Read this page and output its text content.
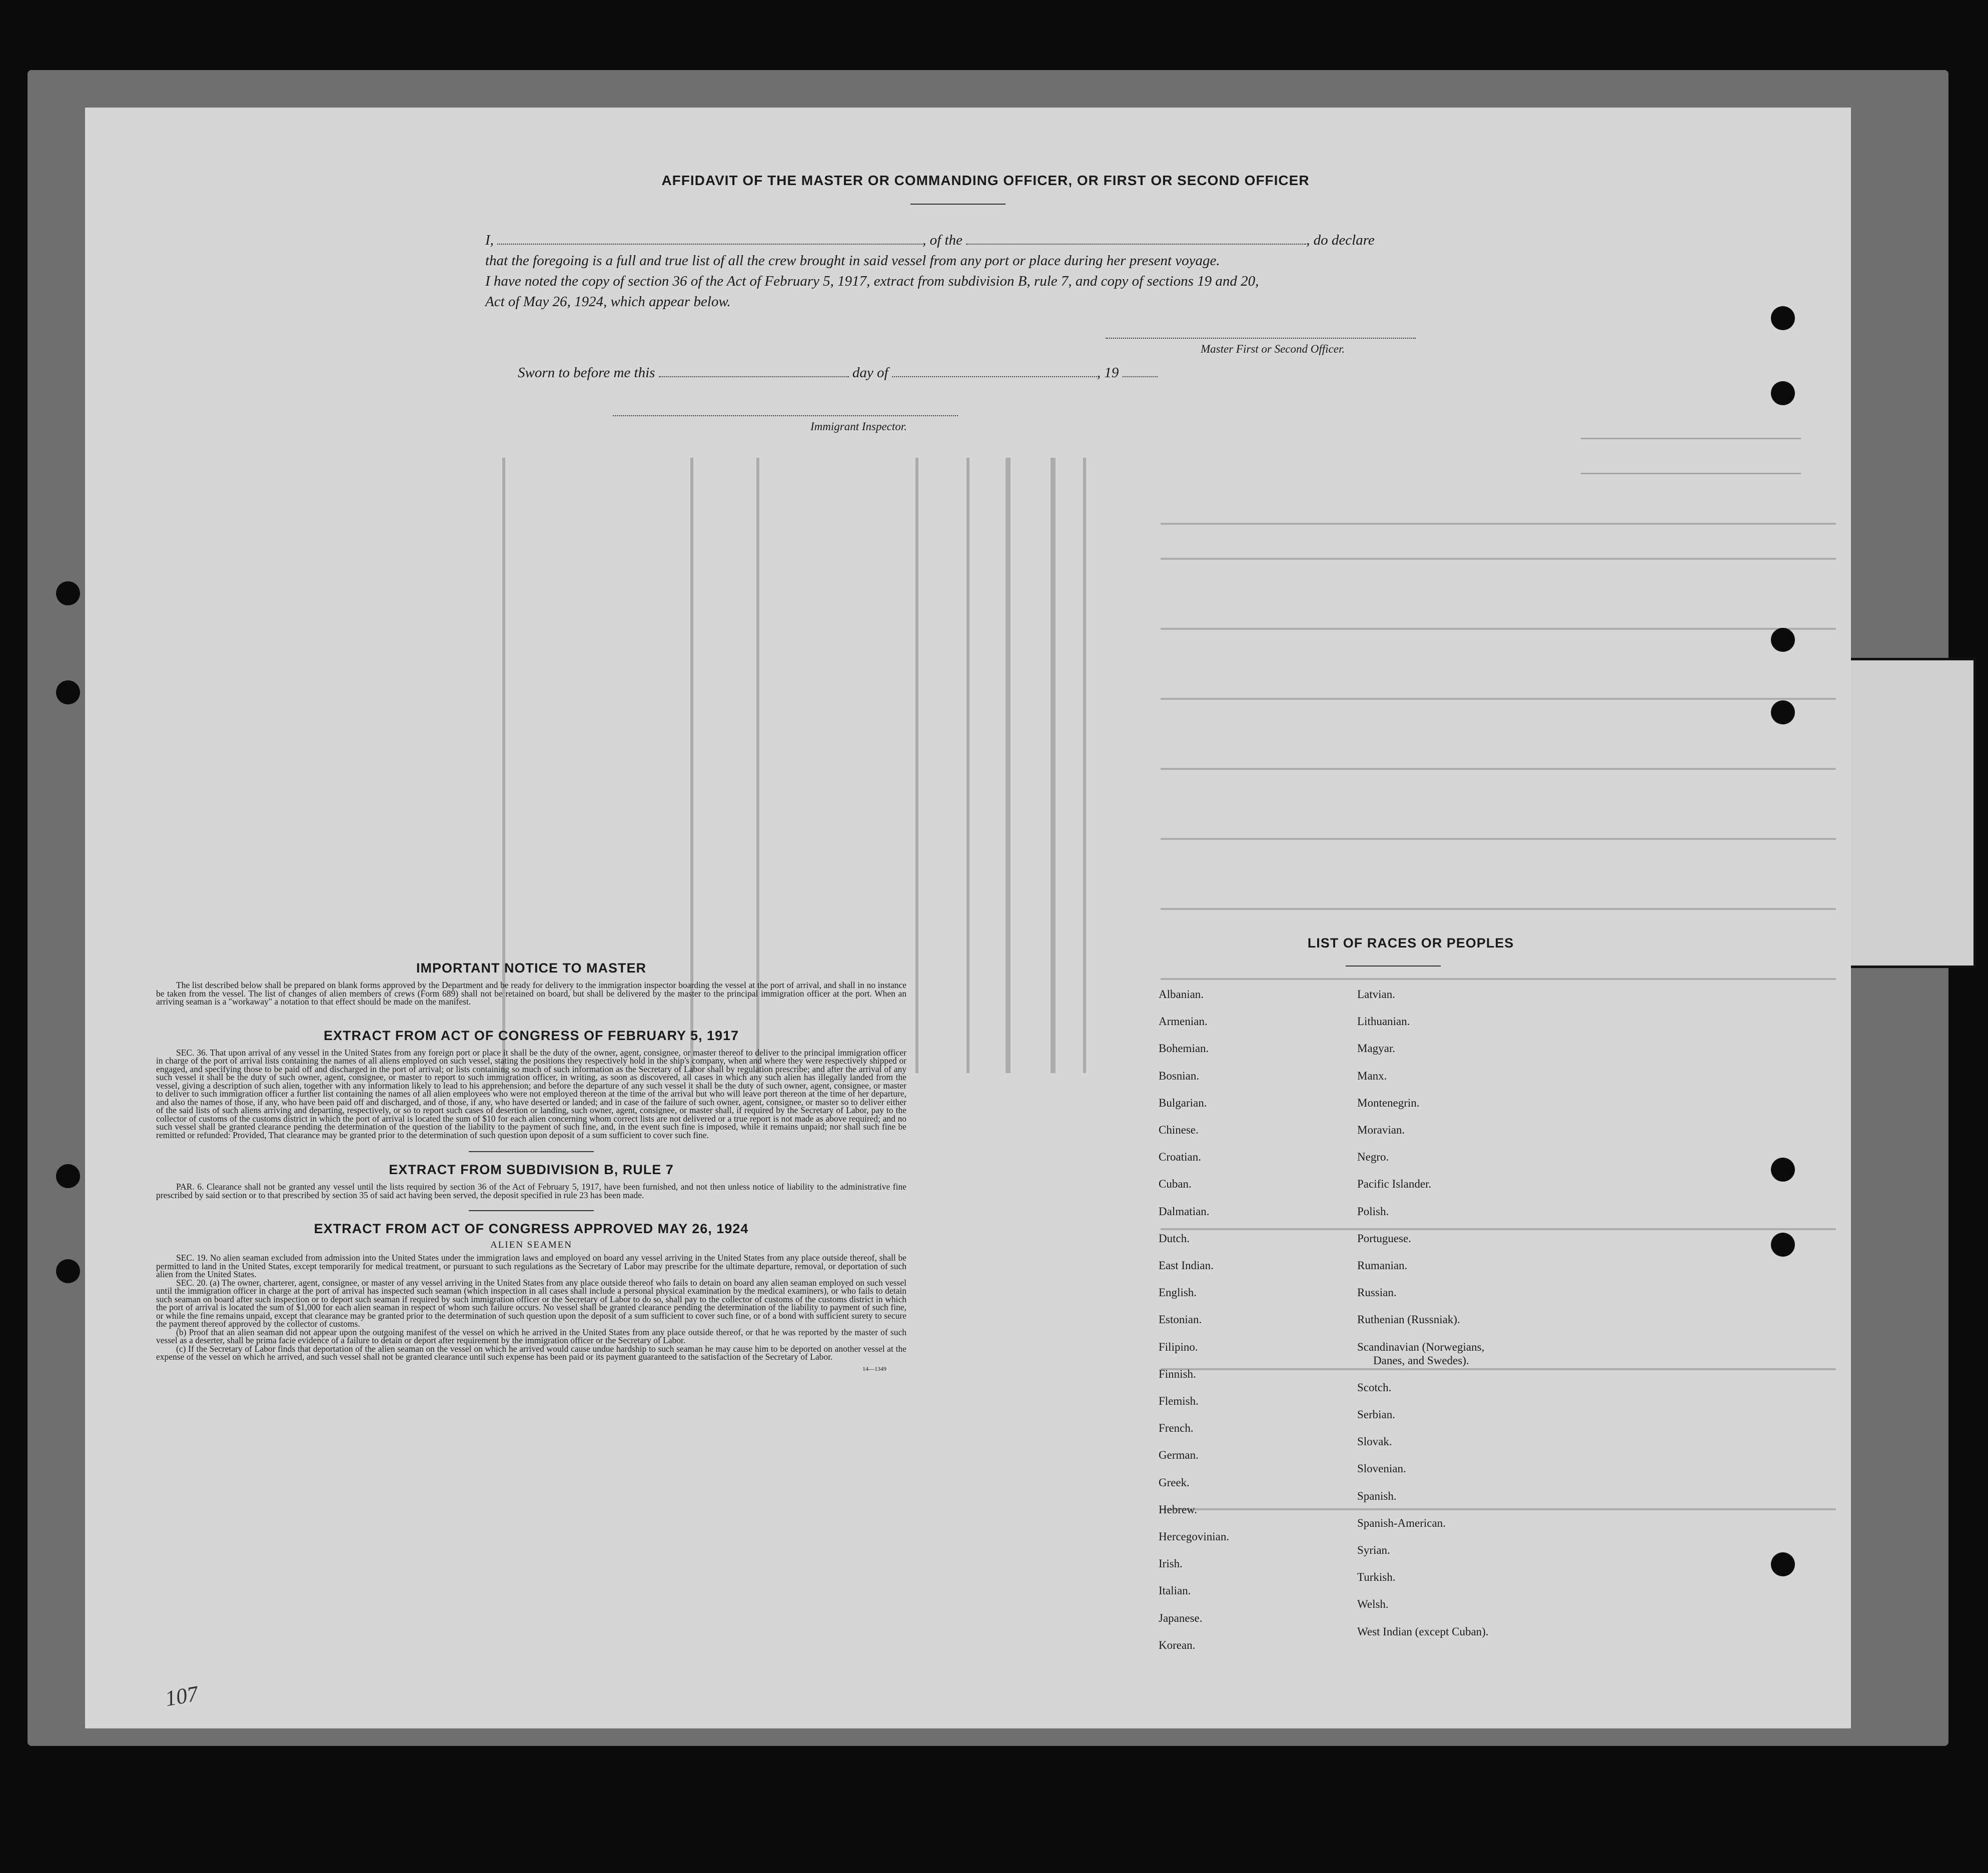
AFFIDAVIT OF THE MASTER OR COMMANDING OFFICER, OR FIRST OR SECOND OFFICER
I,	, of the	, do declare
that the foregoing is a full and true list of all the crew brought in said vessel from any port or place during her present voyage.
I have noted the copy of section 36 of the Act of February 5, 1917, extract from subdivision B, rule 7, and copy of sections 19 and 20,
Act of May 26, 1924, which appear below.
Master First or Second Officer.
Sworn to before me this	day of	, 19
Immigrant Inspector.
IMPORTANT NOTICE TO MASTER
The list described below shall be prepared on blank forms approved by the Department and be ready for delivery to the immigration inspector boarding the vessel at the port of arrival, and shall in no instance be taken from the vessel. The list of changes of alien members of crews (Form 689) shall not be retained on board, but shall be delivered by the master to the principal immigration officer at the port. When an arriving seaman is a "workaway" a notation to that effect should be made on the manifest.
EXTRACT FROM ACT OF CONGRESS OF FEBRUARY 5, 1917
SEC. 36. That upon arrival of any vessel in the United States from any foreign port or place it shall be the duty of the owner, agent, consignee, or master thereof to deliver to the principal immigration officer in charge of the port of arrival lists containing the names of all aliens employed on such vessel, stating the positions they respectively hold in the ship's company, when and where they were respectively shipped or engaged, and specifying those to be paid off and discharged in the port of arrival; or lists containing so much of such information as the Secretary of Labor shall by regulation prescribe; and after the arrival of any such vessel it shall be the duty of such owner, agent, consignee, or master to report to such immigration officer, in writing, as soon as discovered, all cases in which any such alien has illegally landed from the vessel, giving a description of such alien, together with any information likely to lead to his apprehension; and before the departure of any such vessel it shall be the duty of such owner, agent, consignee, or master to deliver to such immigration officer a further list containing the names of all alien employees who were not employed thereon at the time of the arrival but who will leave port thereon at the time of her departure, and also the names of those, if any, who have been paid off and discharged, and of those, if any, who have deserted or landed; and in case of the failure of such owner, agent, consignee, or master so to deliver either of the said lists of such aliens arriving and departing, respectively, or so to report such cases of desertion or landing, such owner, agent, consignee, or master shall, if required by the Secretary of Labor, pay to the collector of customs of the customs district in which the port of arrival is located the sum of $10 for each alien concerning whom correct lists are not delivered or a true report is not made as above required; and no such vessel shall be granted clearance pending the determination of the question of the liability to the payment of such fine, and, in the event such fine is imposed, while it remains unpaid; nor shall such fine be remitted or refunded: Provided, That clearance may be granted prior to the determination of such question upon deposit of a sum sufficient to cover such fine.
EXTRACT FROM SUBDIVISION B, RULE 7
PAR. 6. Clearance shall not be granted any vessel until the lists required by section 36 of the Act of February 5, 1917, have been furnished, and not then unless notice of liability to the administrative fine prescribed by said section or to that prescribed by section 35 of said act having been served, the deposit specified in rule 23 has been made.
EXTRACT FROM ACT OF CONGRESS APPROVED MAY 26, 1924
ALIEN SEAMEN
SEC. 19. No alien seaman excluded from admission into the United States under the immigration laws and employed on board any vessel arriving in the United States from any place outside thereof, shall be permitted to land in the United States, except temporarily for medical treatment, or pursuant to such regulations as the Secretary of Labor may prescribe for the ultimate departure, removal, or deportation of such alien from the United States.
SEC. 20. (a) The owner, charterer, agent, consignee, or master of any vessel arriving in the United States from any place outside thereof who fails to detain on board any alien seaman employed on such vessel until the immigration officer in charge at the port of arrival has inspected such seaman (which inspection in all cases shall include a personal physical examination by the medical examiners), or who fails to detain such seaman on board after such inspection or to deport such seaman if required by such immigration officer or the Secretary of Labor to do so, shall pay to the collector of customs of the customs district in which the port of arrival is located the sum of $1,000 for each alien seaman in respect of whom such failure occurs. No vessel shall be granted clearance pending the determination of the liability to payment of such fine, or while the fine remains unpaid, except that clearance may be granted prior to the determination of such question upon the deposit of a sum sufficient to cover such fine, or of a bond with sufficient surety to secure the payment thereof approved by the collector of customs.
(b) Proof that an alien seaman did not appear upon the outgoing manifest of the vessel on which he arrived in the United States from any place outside thereof, or that he was reported by the master of such vessel as a deserter, shall be prima facie evidence of a failure to detain or deport after requirement by the immigration officer or the Secretary of Labor.
(c) If the Secretary of Labor finds that deportation of the alien seaman on the vessel on which he arrived would cause undue hardship to such seaman he may cause him to be deported on another vessel at the expense of the vessel on which he arrived, and such vessel shall not be granted clearance until such expense has been paid or its payment guaranteed to the satisfaction of the Secretary of Labor.
14—1349
LIST OF RACES OR PEOPLES
107
Albanian.
Armenian.
Bohemian.
Bosnian.
Bulgarian.
Chinese.
Croatian.
Cuban.
Dalmatian.
Dutch.
East Indian.
English.
Estonian.
Filipino.
Finnish.
Flemish.
French.
German.
Greek.
Hebrew.
Hercegovinian.
Irish.
Italian.
Japanese.
Korean.
Latvian.
Lithuanian.
Magyar.
Manx.
Montenegrin.
Moravian.
Negro.
Pacific Islander.
Polish.
Portuguese.
Rumanian.
Russian.
Ruthenian (Russniak).
Scandinavian (Norwegians,
Danes, and Swedes).
Scotch.
Serbian.
Slovak.
Slovenian.
Spanish.
Spanish-American.
Syrian.
Turkish.
Welsh.
West Indian (except Cuban).
